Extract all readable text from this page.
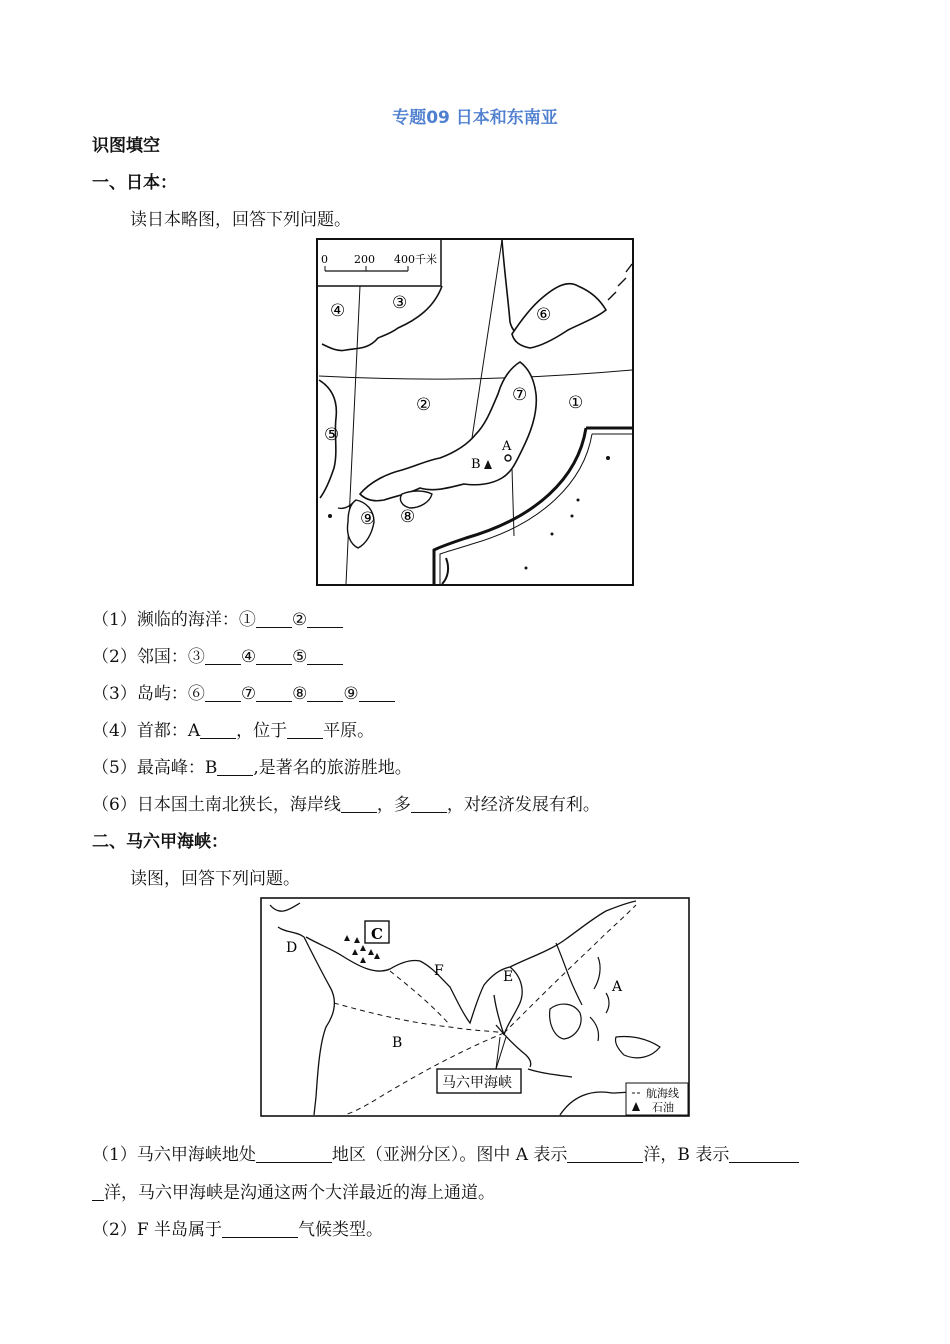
专题09 日本和东南亚
识图填空
一、日本：
读日本略图，回答下列问题。
0 200 400千米
①
②
③
④
⑤
⑥
⑦
⑧
⑨
A
B
（1）濒临的海洋：① ②
（2）邻国：③ ④ ⑤
（3）岛屿：⑥ ⑦ ⑧ ⑨
（4）首都：A ，位于 平原。
（5）最高峰：B ,是著名的旅游胜地。
（6）日本国土南北狭长，海岸线 ，多 ，对经济发展有利。
二、马六甲海峡：
读图，回答下列问题。
C
D
F	E
A
B
马六甲海峡
航海线
石油
（1）马六甲海峡地处	地区（亚洲分区）。图中 A 表示	洋，B 表示
洋，马六甲海峡是沟通这两个大洋最近的海上通道。
（2）F 半岛属于	气候类型。
